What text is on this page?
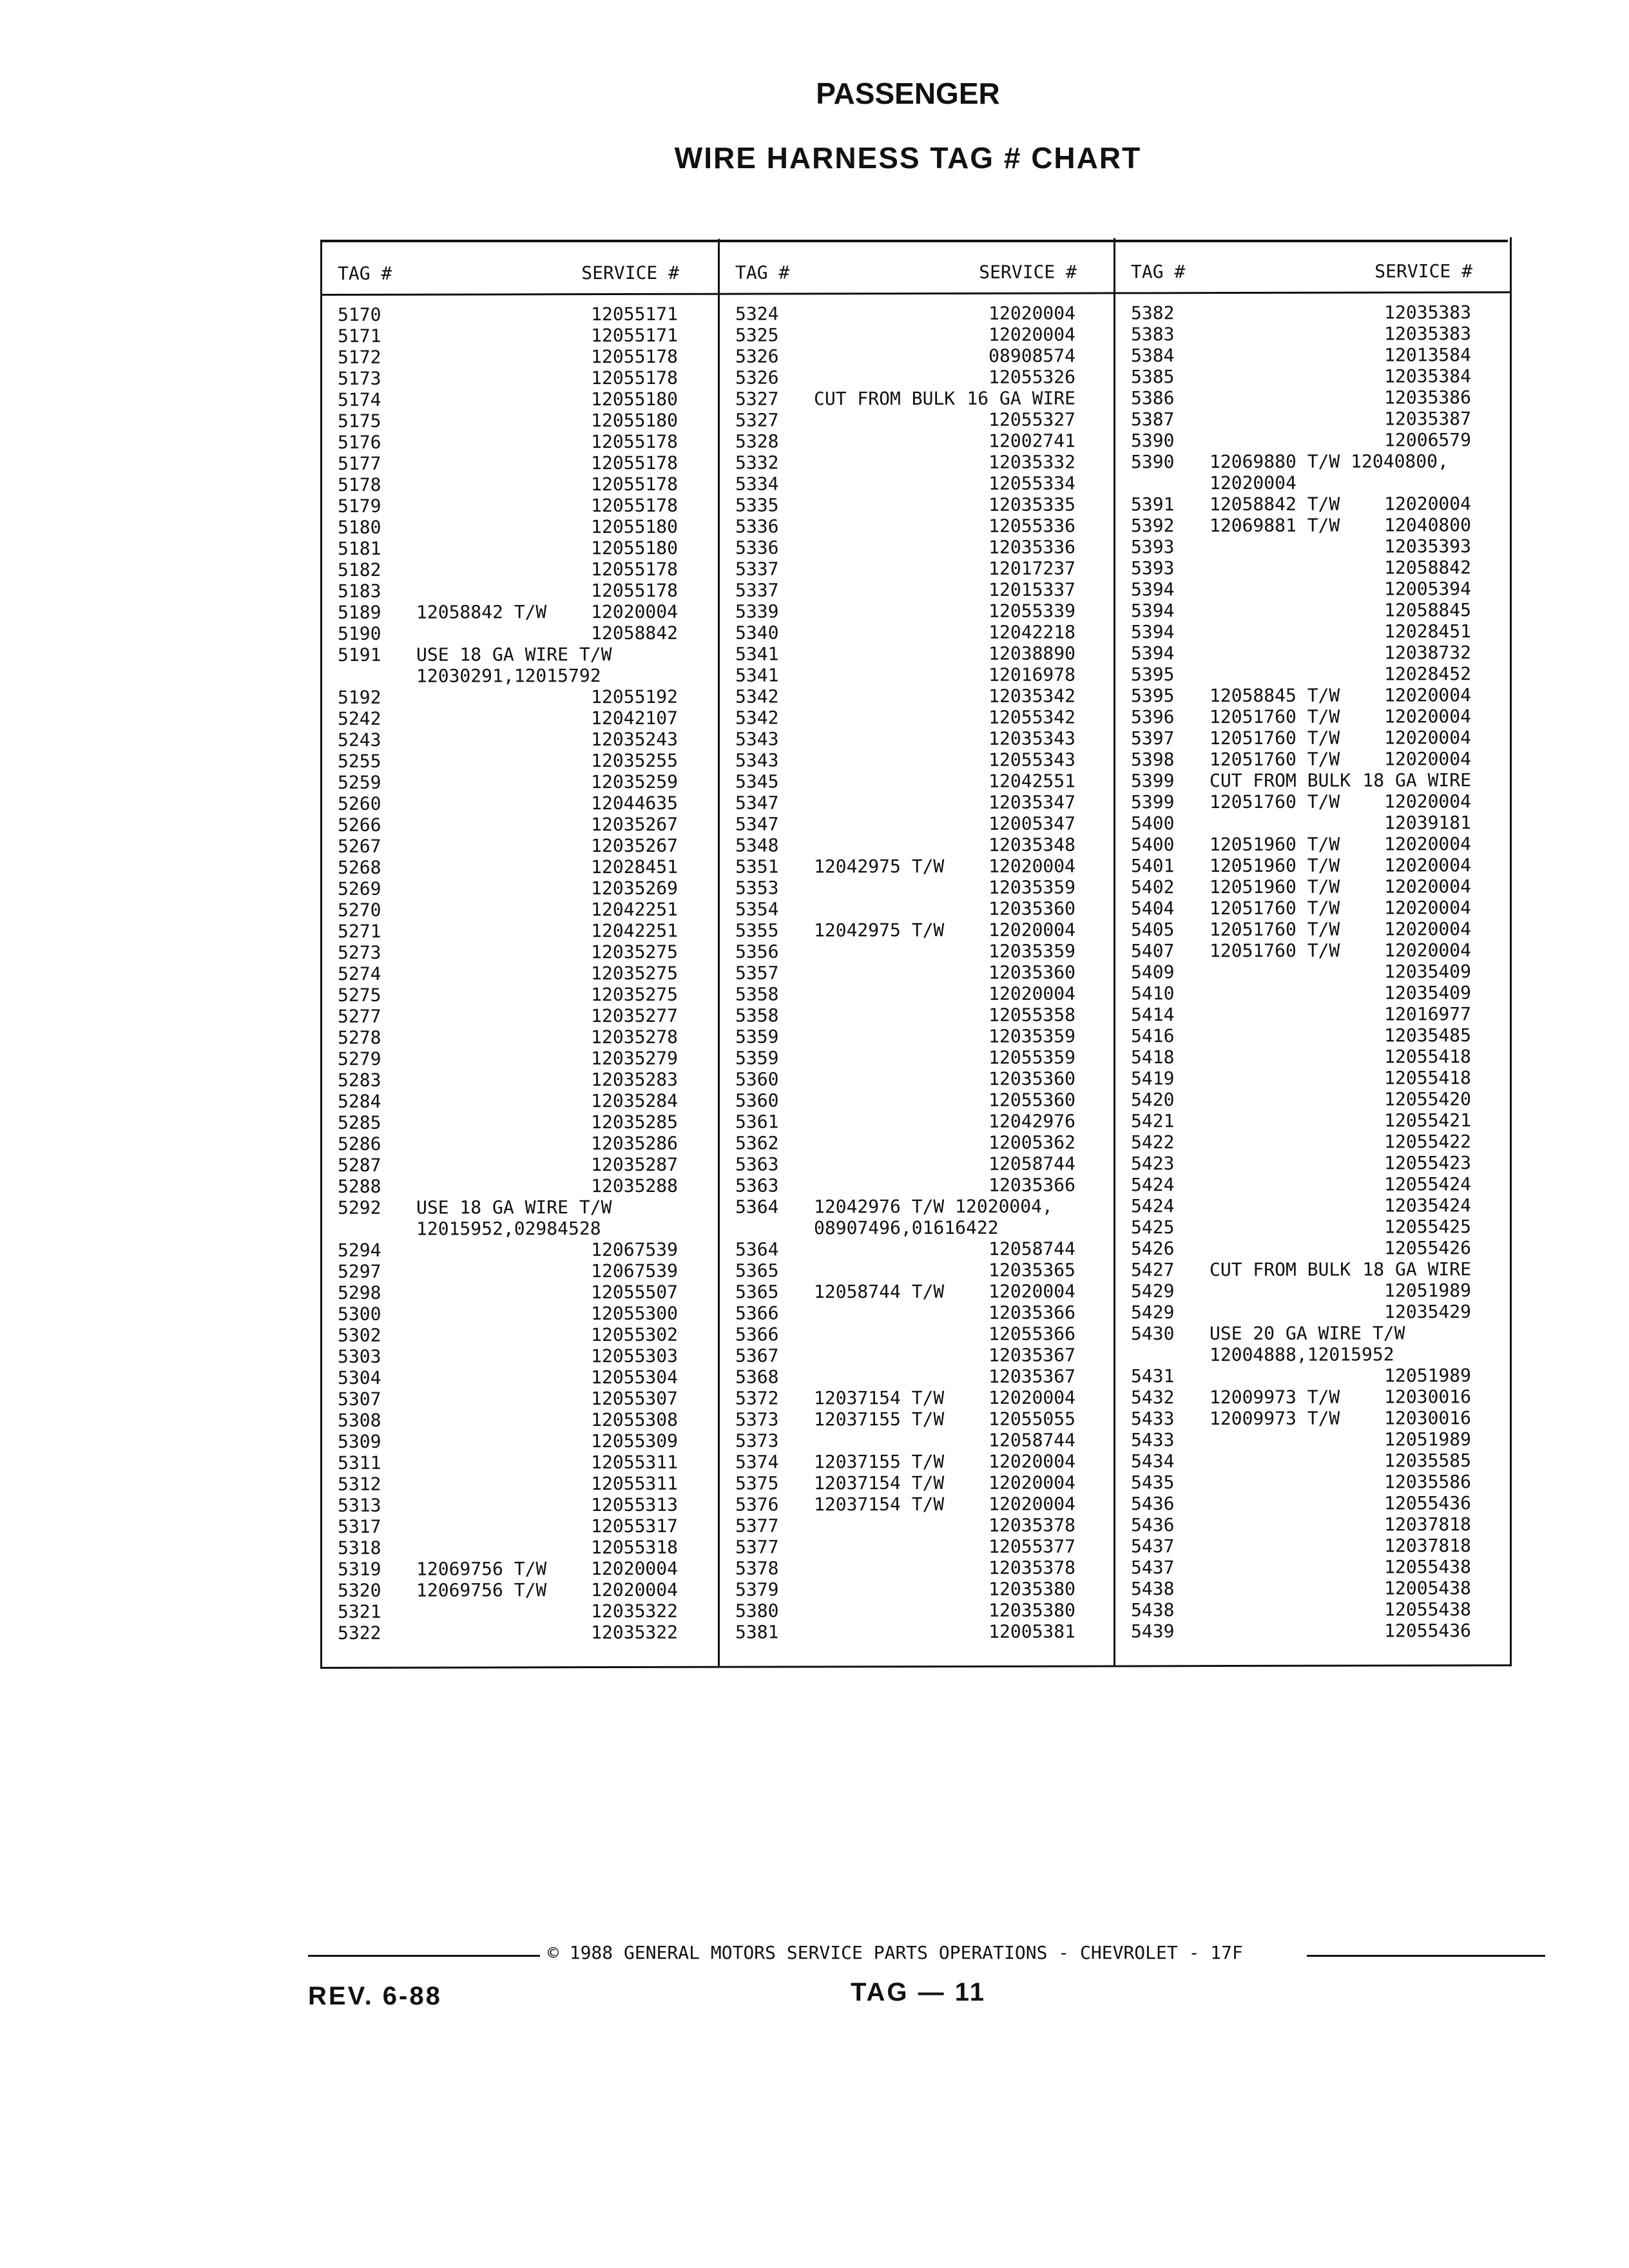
PASSENGER
WIRE HARNESS TAG # CHART
TAG #	SERVICE #
5170	12055171
5171	12055171
5172	12055178
5173	12055178
5174	12055180
5175	12055180
5176	12055178
5177	12055178
5178	12055178
5179	12055178
5180	12055180
5181	12055180
5182	12055178
5183	12055178
5189 12058842 T/W 12020004
5190	12058842
5191 USE 18 GA WIRE T/W
12030291,12015792
5192	12055192
5242	12042107
5243	12035243
5255	12035255
5259	12035259
5260	12044635
5266	12035267
5267	12035267
5268	12028451
5269	12035269
5270	12042251
5271	12042251
5273	12035275
5274	12035275
5275	12035275
5277	12035277
5278	12035278
5279	12035279
5283	12035283
5284	12035284
5285	12035285
5286	12035286
5287	12035287
5288	12035288
5292 USE 18 GA WIRE T/W
12015952,02984528
5294	12067539
5297	12067539
5298	12055507
5300	12055300
5302	12055302
5303	12055303
5304	12055304
5307	12055307
5308	12055308
5309	12055309
5311	12055311
5312	12055311
5313	12055313
5317	12055317
5318	12055318
5319 12069756 T/W 12020004
5320 12069756 T/W 12020004
5321	12035322
5322	12035322
TAG #	SERVICE #
5324	12020004
5325	12020004
5326	08908574
5326	12055326
5327 CUT FROM BULK 16 GA WIRE
5327	12055327
5328	12002741
5332	12035332
5334	12055334
5335	12035335
5336	12055336
5336	12035336
5337	12017237
5337	12015337
5339	12055339
5340	12042218
5341	12038890
5341	12016978
5342	12035342
5342	12055342
5343	12035343
5343	12055343
5345	12042551
5347	12035347
5347	12005347
5348	12035348
5351 12042975 T/W 12020004
5353	12035359
5354	12035360
5355 12042975 T/W 12020004
5356	12035359
5357	12035360
5358	12020004
5358	12055358
5359	12035359
5359	12055359
5360	12035360
5360	12055360
5361	12042976
5362	12005362
5363	12058744
5363	12035366
5364 12042976 T/W 12020004,
08907496,01616422
5364	12058744
5365	12035365
5365 12058744 T/W 12020004
5366	12035366
5366	12055366
5367	12035367
5368	12035367
5372 12037154 T/W 12020004
5373 12037155 T/W 12055055
5373	12058744
5374 12037155 T/W 12020004
5375 12037154 T/W 12020004
5376 12037154 T/W 12020004
5377	12035378
5377	12055377
5378	12035378
5379	12035380
5380	12035380
5381	12005381
TAG #	SERVICE #
5382	12035383
5383	12035383
5384	12013584
5385	12035384
5386	12035386
5387	12035387
5390	12006579
5390 12069880 T/W 12040800,
12020004
5391 12058842 T/W 12020004
5392 12069881 T/W 12040800
5393	12035393
5393	12058842
5394	12005394
5394	12058845
5394	12028451
5394	12038732
5395	12028452
5395 12058845 T/W 12020004
5396 12051760 T/W 12020004
5397 12051760 T/W 12020004
5398 12051760 T/W 12020004
5399 CUT FROM BULK 18 GA WIRE
5399 12051760 T/W 12020004
5400	12039181
5400 12051960 T/W 12020004
5401 12051960 T/W 12020004
5402 12051960 T/W 12020004
5404 12051760 T/W 12020004
5405 12051760 T/W 12020004
5407 12051760 T/W 12020004
5409	12035409
5410	12035409
5414	12016977
5416	12035485
5418	12055418
5419	12055418
5420	12055420
5421	12055421
5422	12055422
5423	12055423
5424	12055424
5424	12035424
5425	12055425
5426	12055426
5427 CUT FROM BULK 18 GA WIRE
5429	12051989
5429	12035429
5430 USE 20 GA WIRE T/W
12004888,12015952
5431	12051989
5432 12009973 T/W 12030016
5433 12009973 T/W 12030016
5433	12051989
5434	12035585
5435	12035586
5436	12055436
5436	12037818
5437	12037818
5437	12055438
5438	12005438
5438	12055438
5439	12055436
© 1988 GENERAL MOTORS SERVICE PARTS OPERATIONS - CHEVROLET - 17F
REV. 6-88	TAG — 11
